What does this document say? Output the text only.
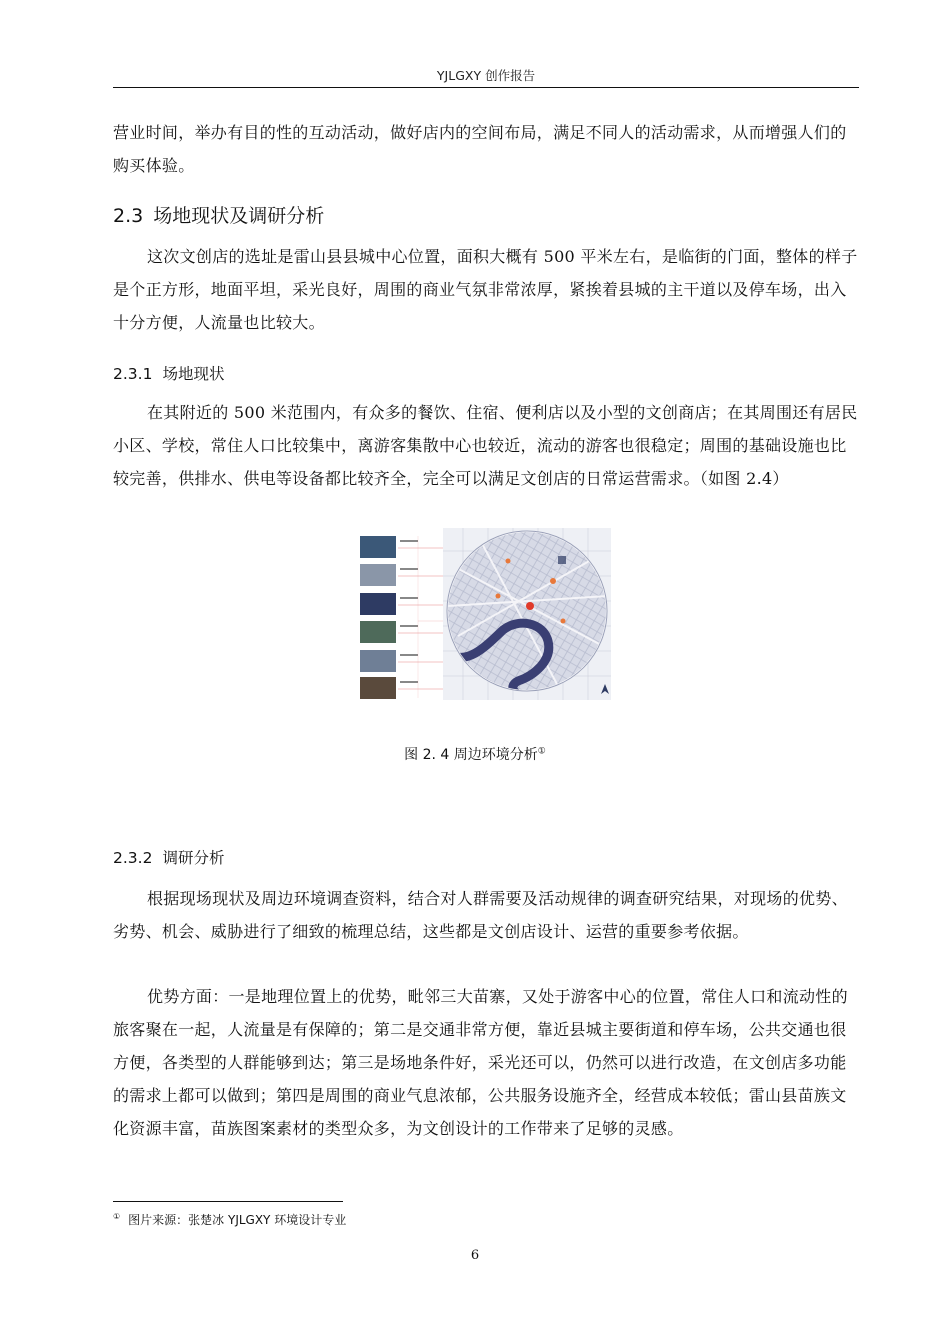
YJLGXY 创作报告

营业时间，举办有目的性的互动活动，做好店内的空间布局，满足不同人的活动需求，从而增强人们的购买体验。

2.3 场地现状及调研分析

这次文创店的选址是雷山县县城中心位置，面积大概有 500 平米左右，是临街的门面，整体的样子是个正方形，地面平坦，采光良好，周围的商业气氛非常浓厚，紧挨着县城的主干道以及停车场，出入十分方便，人流量也比较大。

2.3.1 场地现状

在其附近的 500 米范围内，有众多的餐饮、住宿、便利店以及小型的文创商店；在其周围还有居民小区、学校，常住人口比较集中，离游客集散中心也较近，流动的游客也很稳定；周围的基础设施也比较完善，供排水、供电等设备都比较齐全，完全可以满足文创店的日常运营需求。（如图 2.4）

图 2. 4 周边环境分析①
2.3.2 调研分析

根据现场现状及周边环境调查资料，结合对人群需要及活动规律的调查研究结果，对现场的优势、劣势、机会、威胁进行了细致的梳理总结，这些都是文创店设计、运营的重要参考依据。

优势方面：一是地理位置上的优势，毗邻三大苗寨，又处于游客中心的位置，常住人口和流动性的旅客聚在一起，人流量是有保障的；第二是交通非常方便，靠近县城主要街道和停车场，公共交通也很方便，各类型的人群能够到达；第三是场地条件好，采光还可以，仍然可以进行改造，在文创店多功能的需求上都可以做到；第四是周围的商业气息浓郁，公共服务设施齐全，经营成本较低；雷山县苗族文化资源丰富，苗族图案素材的类型众多，为文创设计的工作带来了足够的灵感。

① 图片来源：张楚冰 YJLGXY 环境设计专业
6
